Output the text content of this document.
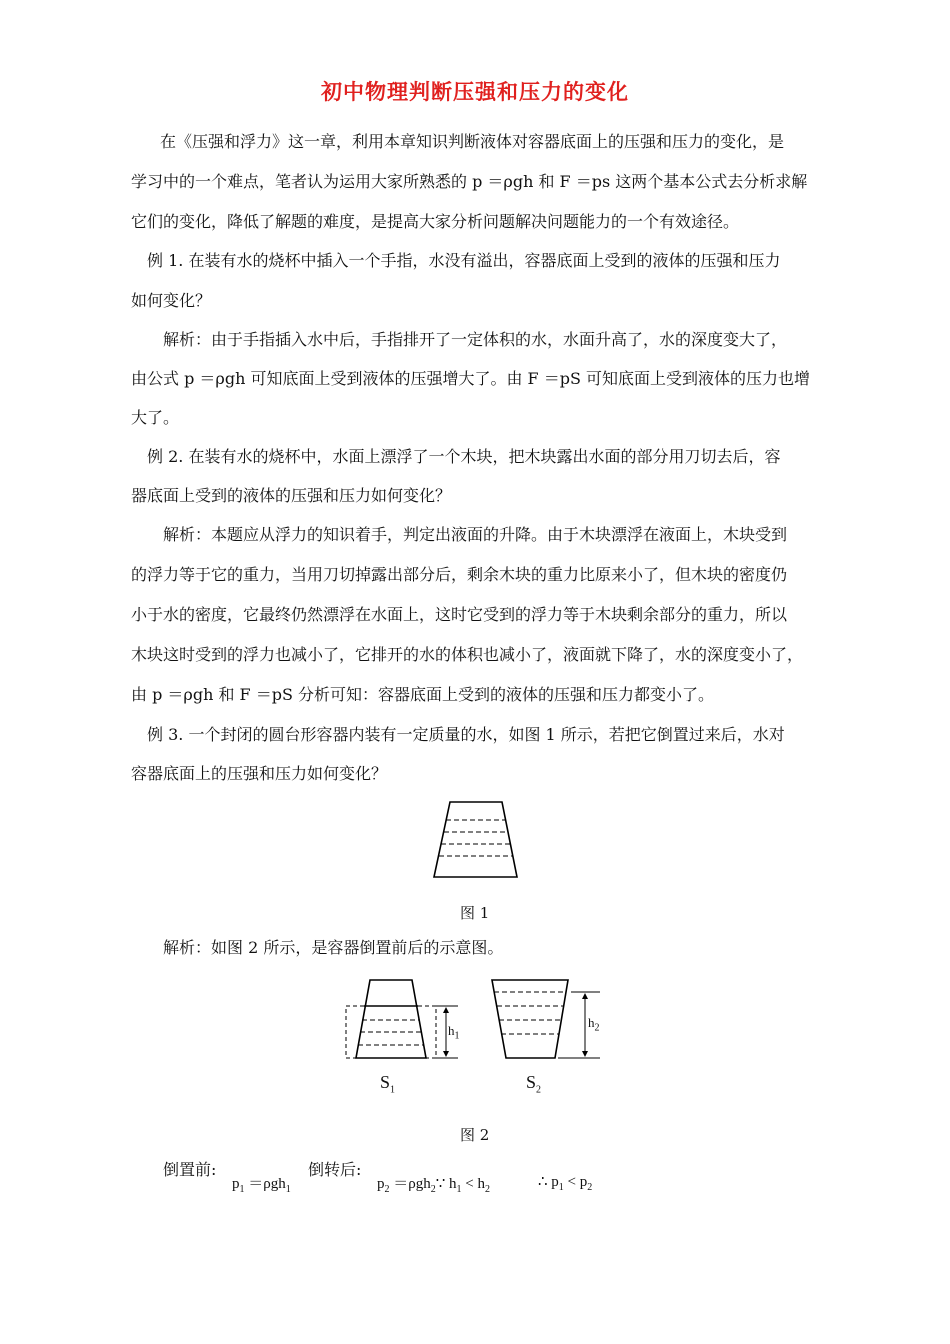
初中物理判断压强和压力的变化
在《压强和浮力》这一章，利用本章知识判断液体对容器底面上的压强和压力的变化，是
学习中的一个难点，笔者认为运用大家所熟悉的 p ＝ρgh 和 F ＝ps 这两个基本公式去分析求解
它们的变化，降低了解题的难度，是提高大家分析问题解决问题能力的一个有效途径。
例 1. 在装有水的烧杯中插入一个手指，水没有溢出，容器底面上受到的液体的压强和压力
如何变化？
解析：由于手指插入水中后，手指排开了一定体积的水，水面升高了，水的深度变大了，
由公式 p ＝ρgh 可知底面上受到液体的压强增大了。由 F ＝pS 可知底面上受到液体的压力也增
大了。
例 2. 在装有水的烧杯中，水面上漂浮了一个木块，把木块露出水面的部分用刀切去后，容
器底面上受到的液体的压强和压力如何变化？
解析：本题应从浮力的知识着手，判定出液面的升降。由于木块漂浮在液面上，木块受到
的浮力等于它的重力，当用刀切掉露出部分后，剩余木块的重力比原来小了，但木块的密度仍
小于水的密度，它最终仍然漂浮在水面上，这时它受到的浮力等于木块剩余部分的重力，所以
木块这时受到的浮力也减小了，它排开的水的体积也减小了，液面就下降了，水的深度变小了，
由 p ＝ρgh 和 F ＝pS 分析可知：容器底面上受到的液体的压强和压力都变小了。
例 3. 一个封闭的圆台形容器内装有一定质量的水，如图 1 所示，若把它倒置过来后，水对
容器底面上的压强和压力如何变化？
图 1
解析：如图 2 所示，是容器倒置前后的示意图。
$h_1$
$h_2$
$S_1$	$S_2$
图 2
倒置前:
$p_1 =\rho gh_1$
倒转后:
$p_2$ ＝ρgh$_2$∵ $h_1 < h_2$	∴ $p_1 < p_2$
